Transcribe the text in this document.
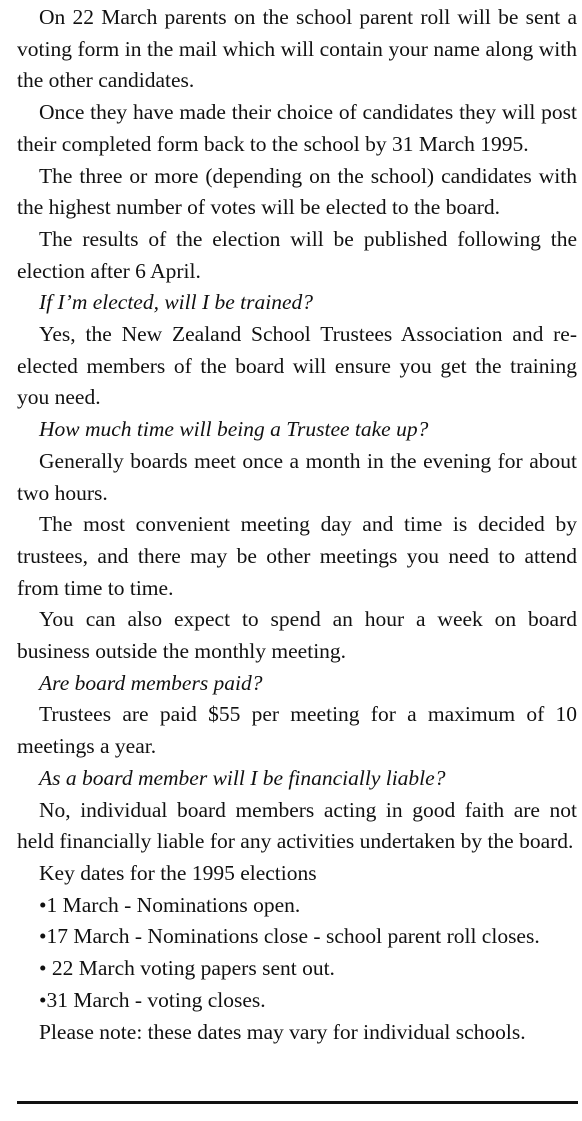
On 22 March parents on the school parent roll will be sent a voting form in the mail which will contain your name along with the other candidates.

Once they have made their choice of candidates they will post their completed form back to the school by 31 March 1995.

The three or more (depending on the school) candidates with the highest number of votes will be elected to the board.

The results of the election will be published following the election after 6 April.

If I’m elected, will I be trained?

Yes, the New Zealand School Trustees Association and re-elected members of the board will ensure you get the training you need.

How much time will being a Trustee take up?

Generally boards meet once a month in the evening for about two hours.

The most convenient meeting day and time is decided by trustees, and there may be other meetings you need to attend from time to time.

You can also expect to spend an hour a week on board business outside the monthly meeting.

Are board members paid?

Trustees are paid $55 per meeting for a maximum of 10 meetings a year.

As a board member will I be financially liable?

No, individual board members acting in good faith are not held financially liable for any activities undertaken by the board.

Key dates for the 1995 elections

•1 March - Nominations open.

•17 March - Nominations close - school parent roll closes.

• 22 March voting papers sent out.

•31 March - voting closes.

Please note: these dates may vary for individual schools.
